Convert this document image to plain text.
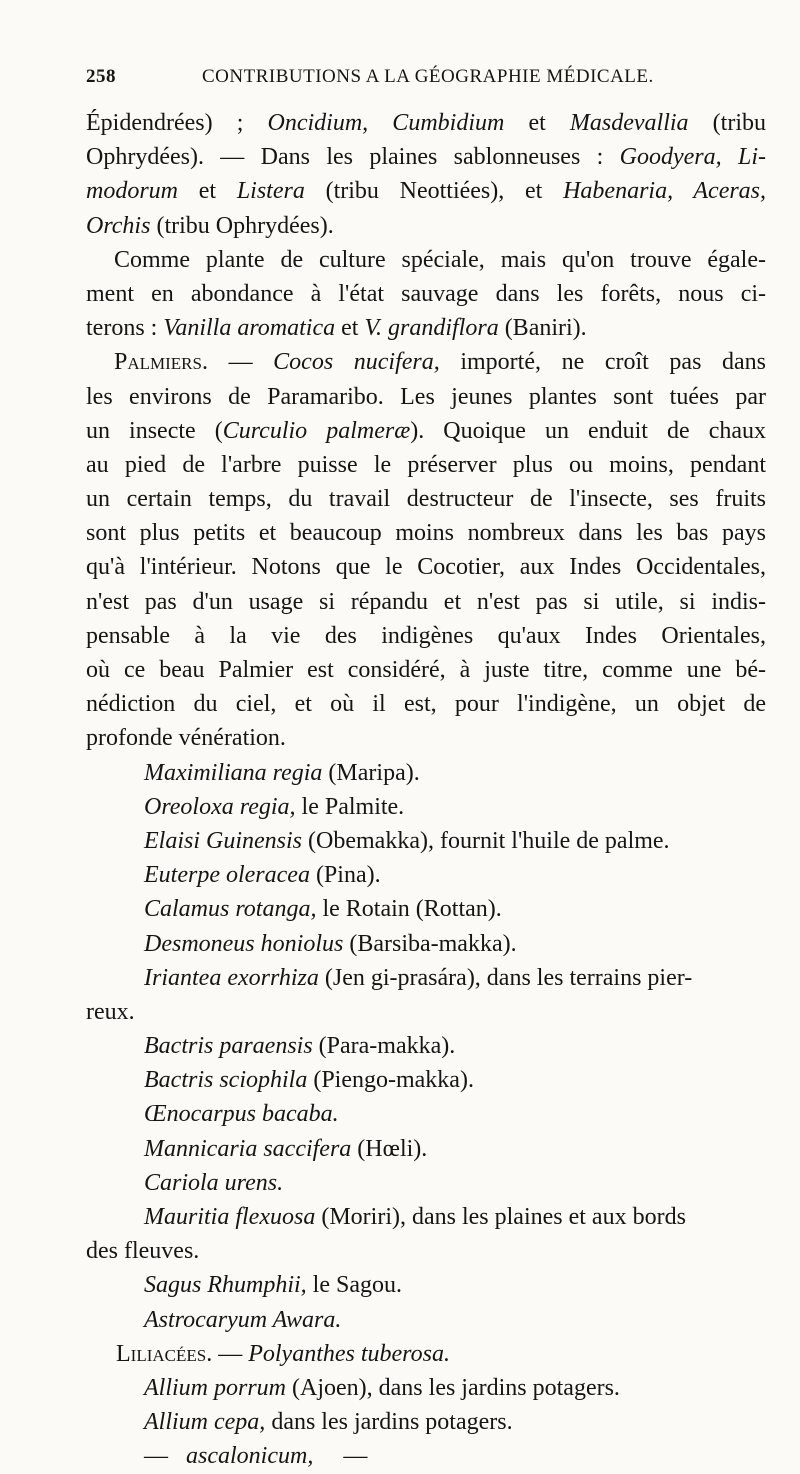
258	CONTRIBUTIONS A LA GÉOGRAPHIE MÉDICALE.
Épidendrées) ; Oncidium, Cumbidium et Masdevallia (tribu
Ophrydées). — Dans les plaines sablonneuses : Goodyera, Li-
modorum et Listera (tribu Neottiées), et Habenaria, Aceras,
Orchis (tribu Ophrydées).
Comme plante de culture spéciale, mais qu'on trouve égale-
ment en abondance à l'état sauvage dans les forêts, nous ci-
terons : Vanilla aromatica et V. grandiflora (Baniri).
Palmiers. — Cocos nucifera, importé, ne croît pas dans
les environs de Paramaribo. Les jeunes plantes sont tuées par
un insecte (Curculio palmeræ). Quoique un enduit de chaux
au pied de l'arbre puisse le préserver plus ou moins, pendant
un certain temps, du travail destructeur de l'insecte, ses fruits
sont plus petits et beaucoup moins nombreux dans les bas pays
qu'à l'intérieur. Notons que le Cocotier, aux Indes Occidentales,
n'est pas d'un usage si répandu et n'est pas si utile, si indis-
pensable à la vie des indigènes qu'aux Indes Orientales,
où ce beau Palmier est considéré, à juste titre, comme une bé-
nédiction du ciel, et où il est, pour l'indigène, un objet de
profonde vénération.
Maximiliana regia (Maripa).
Oreoloxa regia, le Palmite.
Elaisi Guinensis (Obemakka), fournit l'huile de palme.
Euterpe oleracea (Pina).
Calamus rotanga, le Rotain (Rottan).
Desmoneus honiolus (Barsiba-makka).
Iriantea exorrhiza (Jen gi-prasára), dans les terrains pier-
reux.
Bactris paraensis (Para-makka).
Bactris sciophila (Piengo-makka).
Œnocarpus bacaba.
Mannicaria saccifera (Hœli).
Cariola urens.
Mauritia flexuosa (Moriri), dans les plaines et aux bords
des fleuves.
Sagus Rhumphii, le Sagou.
Astrocaryum Awara.
Liliacées. — Polyanthes tuberosa.
Allium porrum (Ajoen), dans les jardins potagers.
Allium cepa, dans les jardins potagers.
— ascalonicum, —
